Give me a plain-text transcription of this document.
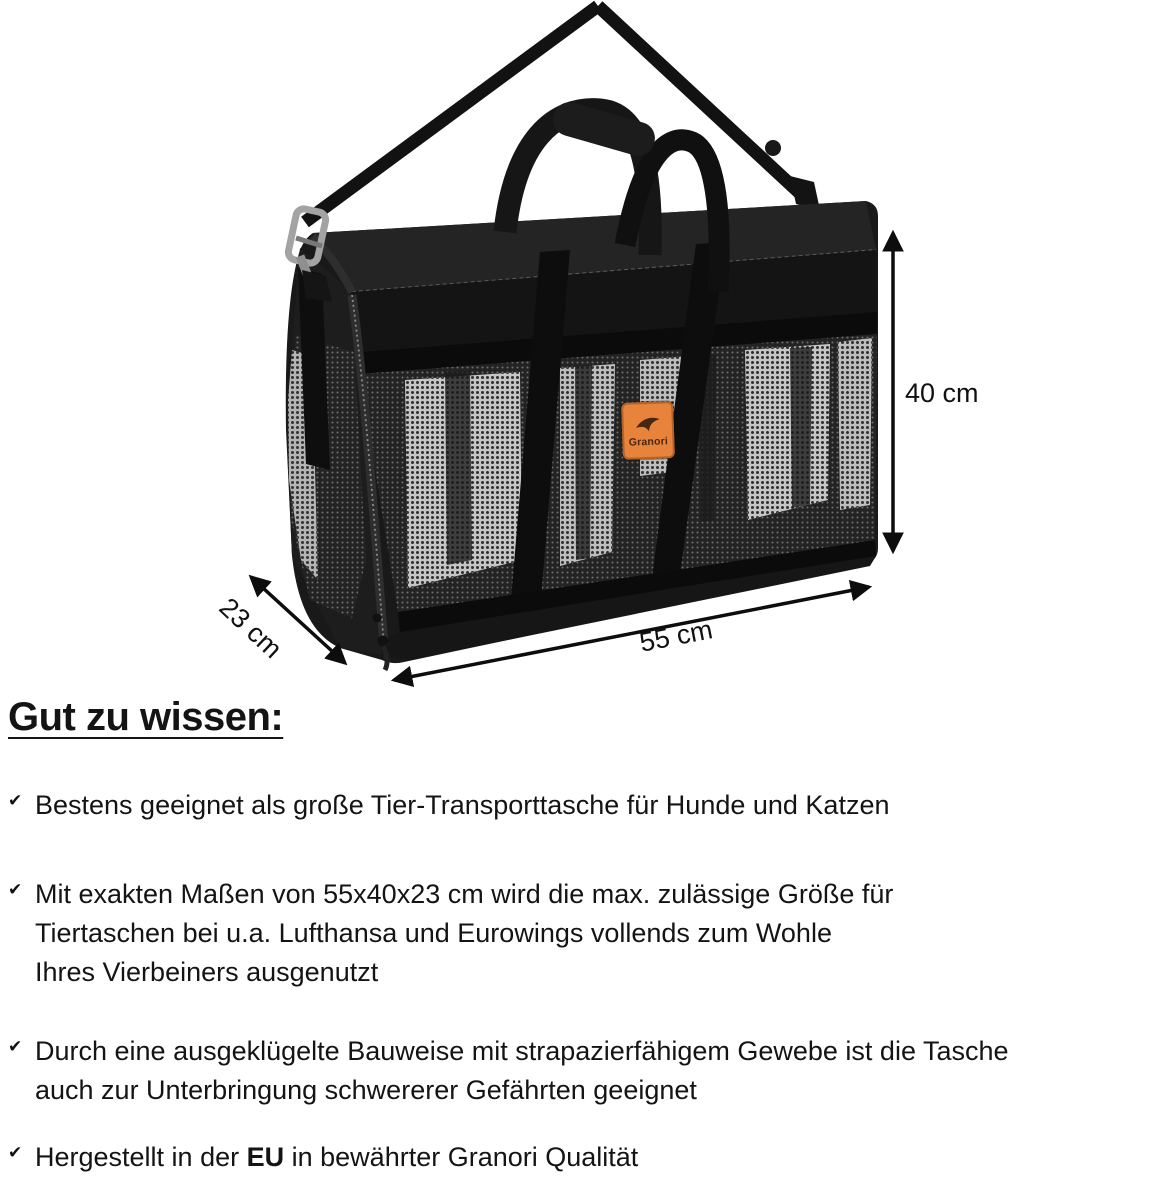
Granori
40 cm
55 cm
23 cm
Gut zu wissen:
✔ Bestens geeignet als große Tier-Transporttasche für Hunde und Katzen
✔ Mit exakten Maßen von 55x40x23 cm wird die max. zulässige Größe für
Tiertaschen bei u.a. Lufthansa und Eurowings vollends zum Wohle
Ihres Vierbeiners ausgenutzt
✔ Durch eine ausgeklügelte Bauweise mit strapazierfähigem Gewebe ist die Tasche
auch zur Unterbringung schwererer Gefährten geeignet
✔ Hergestellt in der EU in bewährter Granori Qualität
